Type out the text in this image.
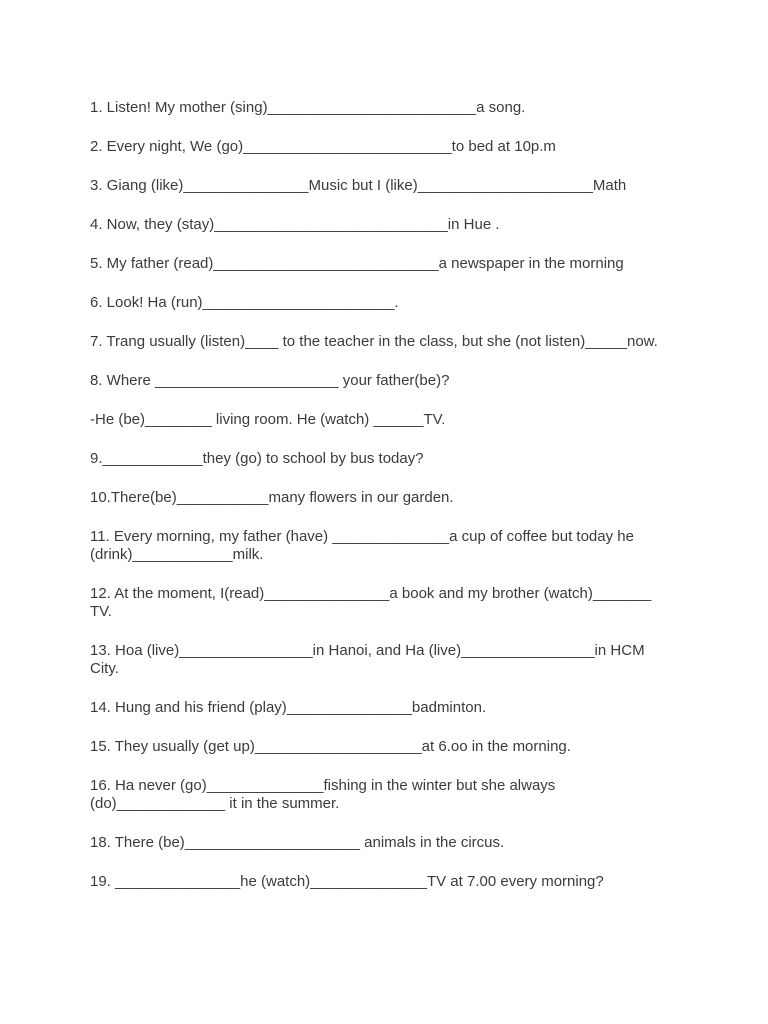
1. Listen! My mother (sing)_________________________a song.

2. Every night, We (go)_________________________to bed at 10p.m

3. Giang (like)_______________Music but I (like)_____________________Math

4. Now, they (stay)____________________________in Hue .

5. My father (read)___________________________a newspaper in the morning

6. Look! Ha (run)_______________________.

7. Trang usually (listen)____ to the teacher in the class, but she (not listen)_____now.

8. Where ______________________ your father(be)?

-He (be)________ living room. He (watch) ______TV.

9.____________they (go) to school by bus today?

10.There(be)___________many flowers in our garden.

11. Every morning, my father (have) ______________a cup of coffee but today he
(drink)____________milk.

12. At the moment, I(read)_______________a book and my brother (watch)_______
TV.

13. Hoa (live)________________in Hanoi, and Ha (live)________________in HCM
City.

14. Hung and his friend (play)_______________badminton.

15. They usually (get up)____________________at 6.oo in the morning.

16. Ha never (go)______________fishing in the winter but she always
(do)_____________ it in the summer.

18. There (be)_____________________ animals in the circus.

19. _______________he (watch)______________TV at 7.00 every morning?
